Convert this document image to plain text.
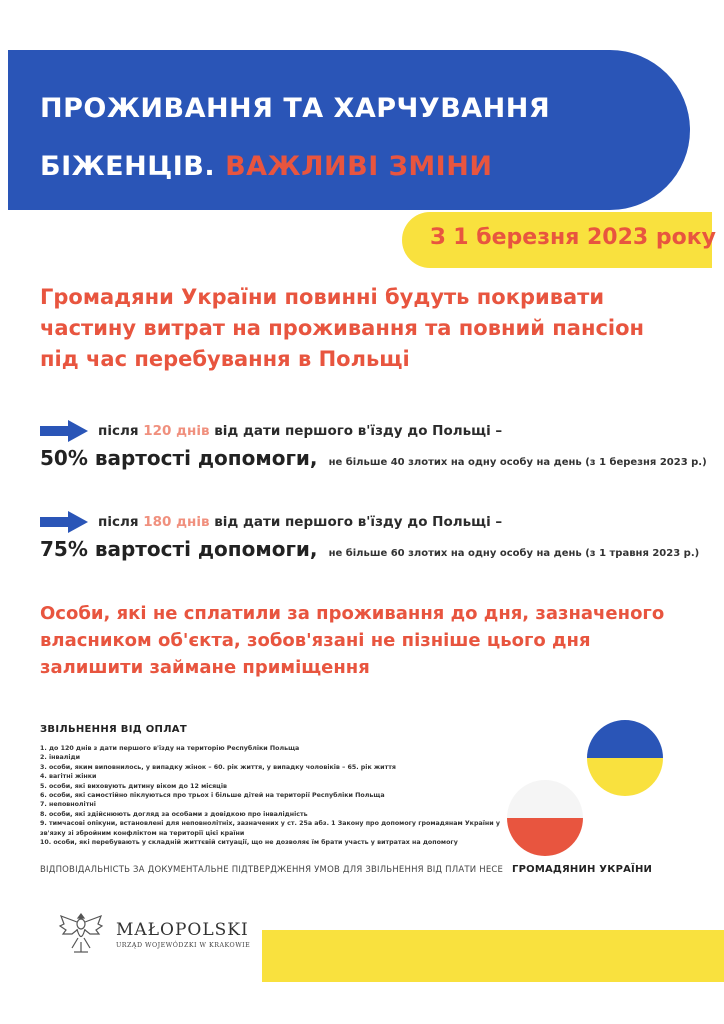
ПРОЖИВАННЯ ТА ХАРЧУВАННЯ
БІЖЕНЦІВ. ВАЖЛИВІ ЗМІНИ
З 1 березня 2023 року
Громадяни України повинні будуть покривати частину витрат на проживання та повний пансіон під час перебування в Польщі
після 120 днів від дати першого в'їзду до Польщі –
50% вартості допомоги, не більше 40 злотих на одну особу на день (з 1 березня 2023 р.)
після 180 днів від дати першого в'їзду до Польщі –
75% вартості допомоги, не більше 60 злотих на одну особу на день (з 1 травня 2023 р.)
Особи, які не сплатили за проживання до дня, зазначеного власником об'єкта, зобов'язані не пізніше цього дня залишити займане приміщення
ЗВІЛЬНЕННЯ ВІД ОПЛАТ
1. до 120 днів з дати першого в'їзду на територію Республіки Польща
2. інваліди
3. особи, яким виповнилось, у випадку жінок – 60. рік життя, у випадку чоловіків – 65. рік життя
4. вагітні жінки
5. особи, які виховують дитину віком до 12 місяців
6. особи, які самостійно піклуються про трьох і більше дітей на території Республіки Польща
7. неповнолітні
8. особи, які здійснюють догляд за особами з довідкою про інвалідність
9. тимчасові опікуни, встановлені для неповнолітніх, зазначених у ст. 25а абз. 1 Закону про допомогу громадянам України у зв'язку зі збройним конфліктом на території цієї країни
10. особи, які перебувають у складній життєвій ситуації, що не дозволяє їм брати участь у витратах на допомогу
ВІДПОВІДАЛЬНІСТЬ ЗА ДОКУМЕНТАЛЬНЕ ПІДТВЕРДЖЕННЯ УМОВ ДЛЯ ЗВІЛЬНЕННЯ ВІД ПЛАТИ НЕСЕ ГРОМАДЯНИН УКРАЇНИ
MAŁOPOLSKI
URZĄD WOJEWÓDZKI W KRAKOWIE
